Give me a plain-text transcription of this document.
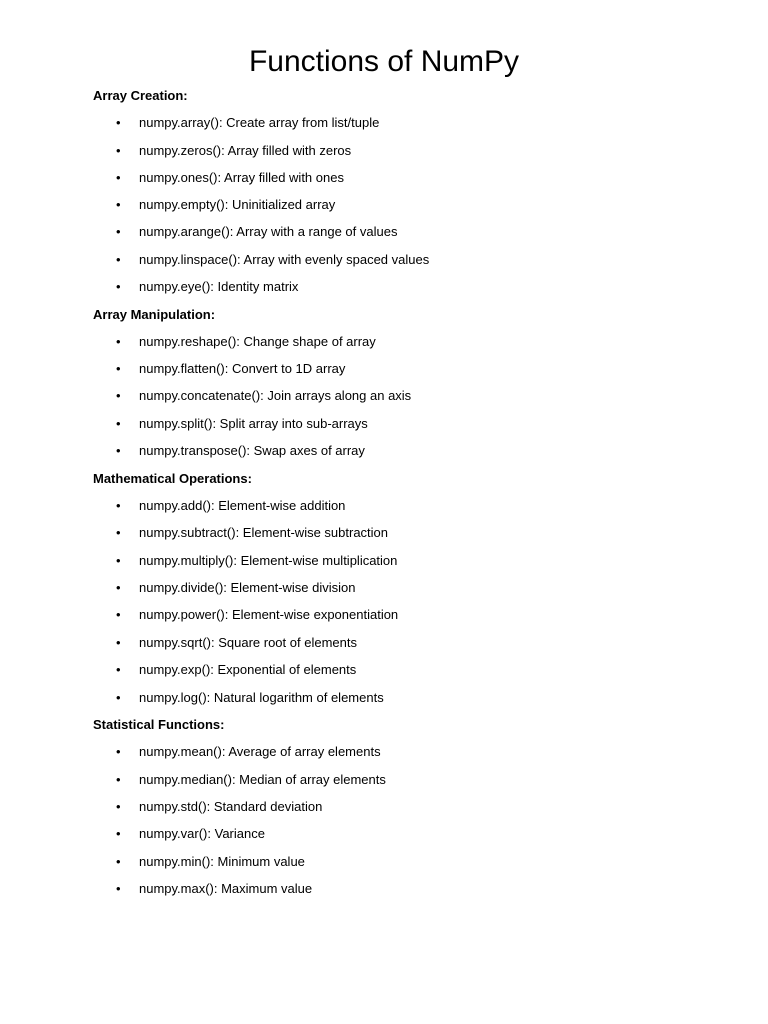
Functions of NumPy
Array Creation:
• numpy.array(): Create array from list/tuple
• numpy.zeros(): Array filled with zeros
• numpy.ones(): Array filled with ones
• numpy.empty(): Uninitialized array
• numpy.arange(): Array with a range of values
• numpy.linspace(): Array with evenly spaced values
• numpy.eye(): Identity matrix
Array Manipulation:
• numpy.reshape(): Change shape of array
• numpy.flatten(): Convert to 1D array
• numpy.concatenate(): Join arrays along an axis
• numpy.split(): Split array into sub-arrays
• numpy.transpose(): Swap axes of array
Mathematical Operations:
• numpy.add(): Element-wise addition
• numpy.subtract(): Element-wise subtraction
• numpy.multiply(): Element-wise multiplication
• numpy.divide(): Element-wise division
• numpy.power(): Element-wise exponentiation
• numpy.sqrt(): Square root of elements
• numpy.exp(): Exponential of elements
• numpy.log(): Natural logarithm of elements
Statistical Functions:
• numpy.mean(): Average of array elements
• numpy.median(): Median of array elements
• numpy.std(): Standard deviation
• numpy.var(): Variance
• numpy.min(): Minimum value
• numpy.max(): Maximum value
